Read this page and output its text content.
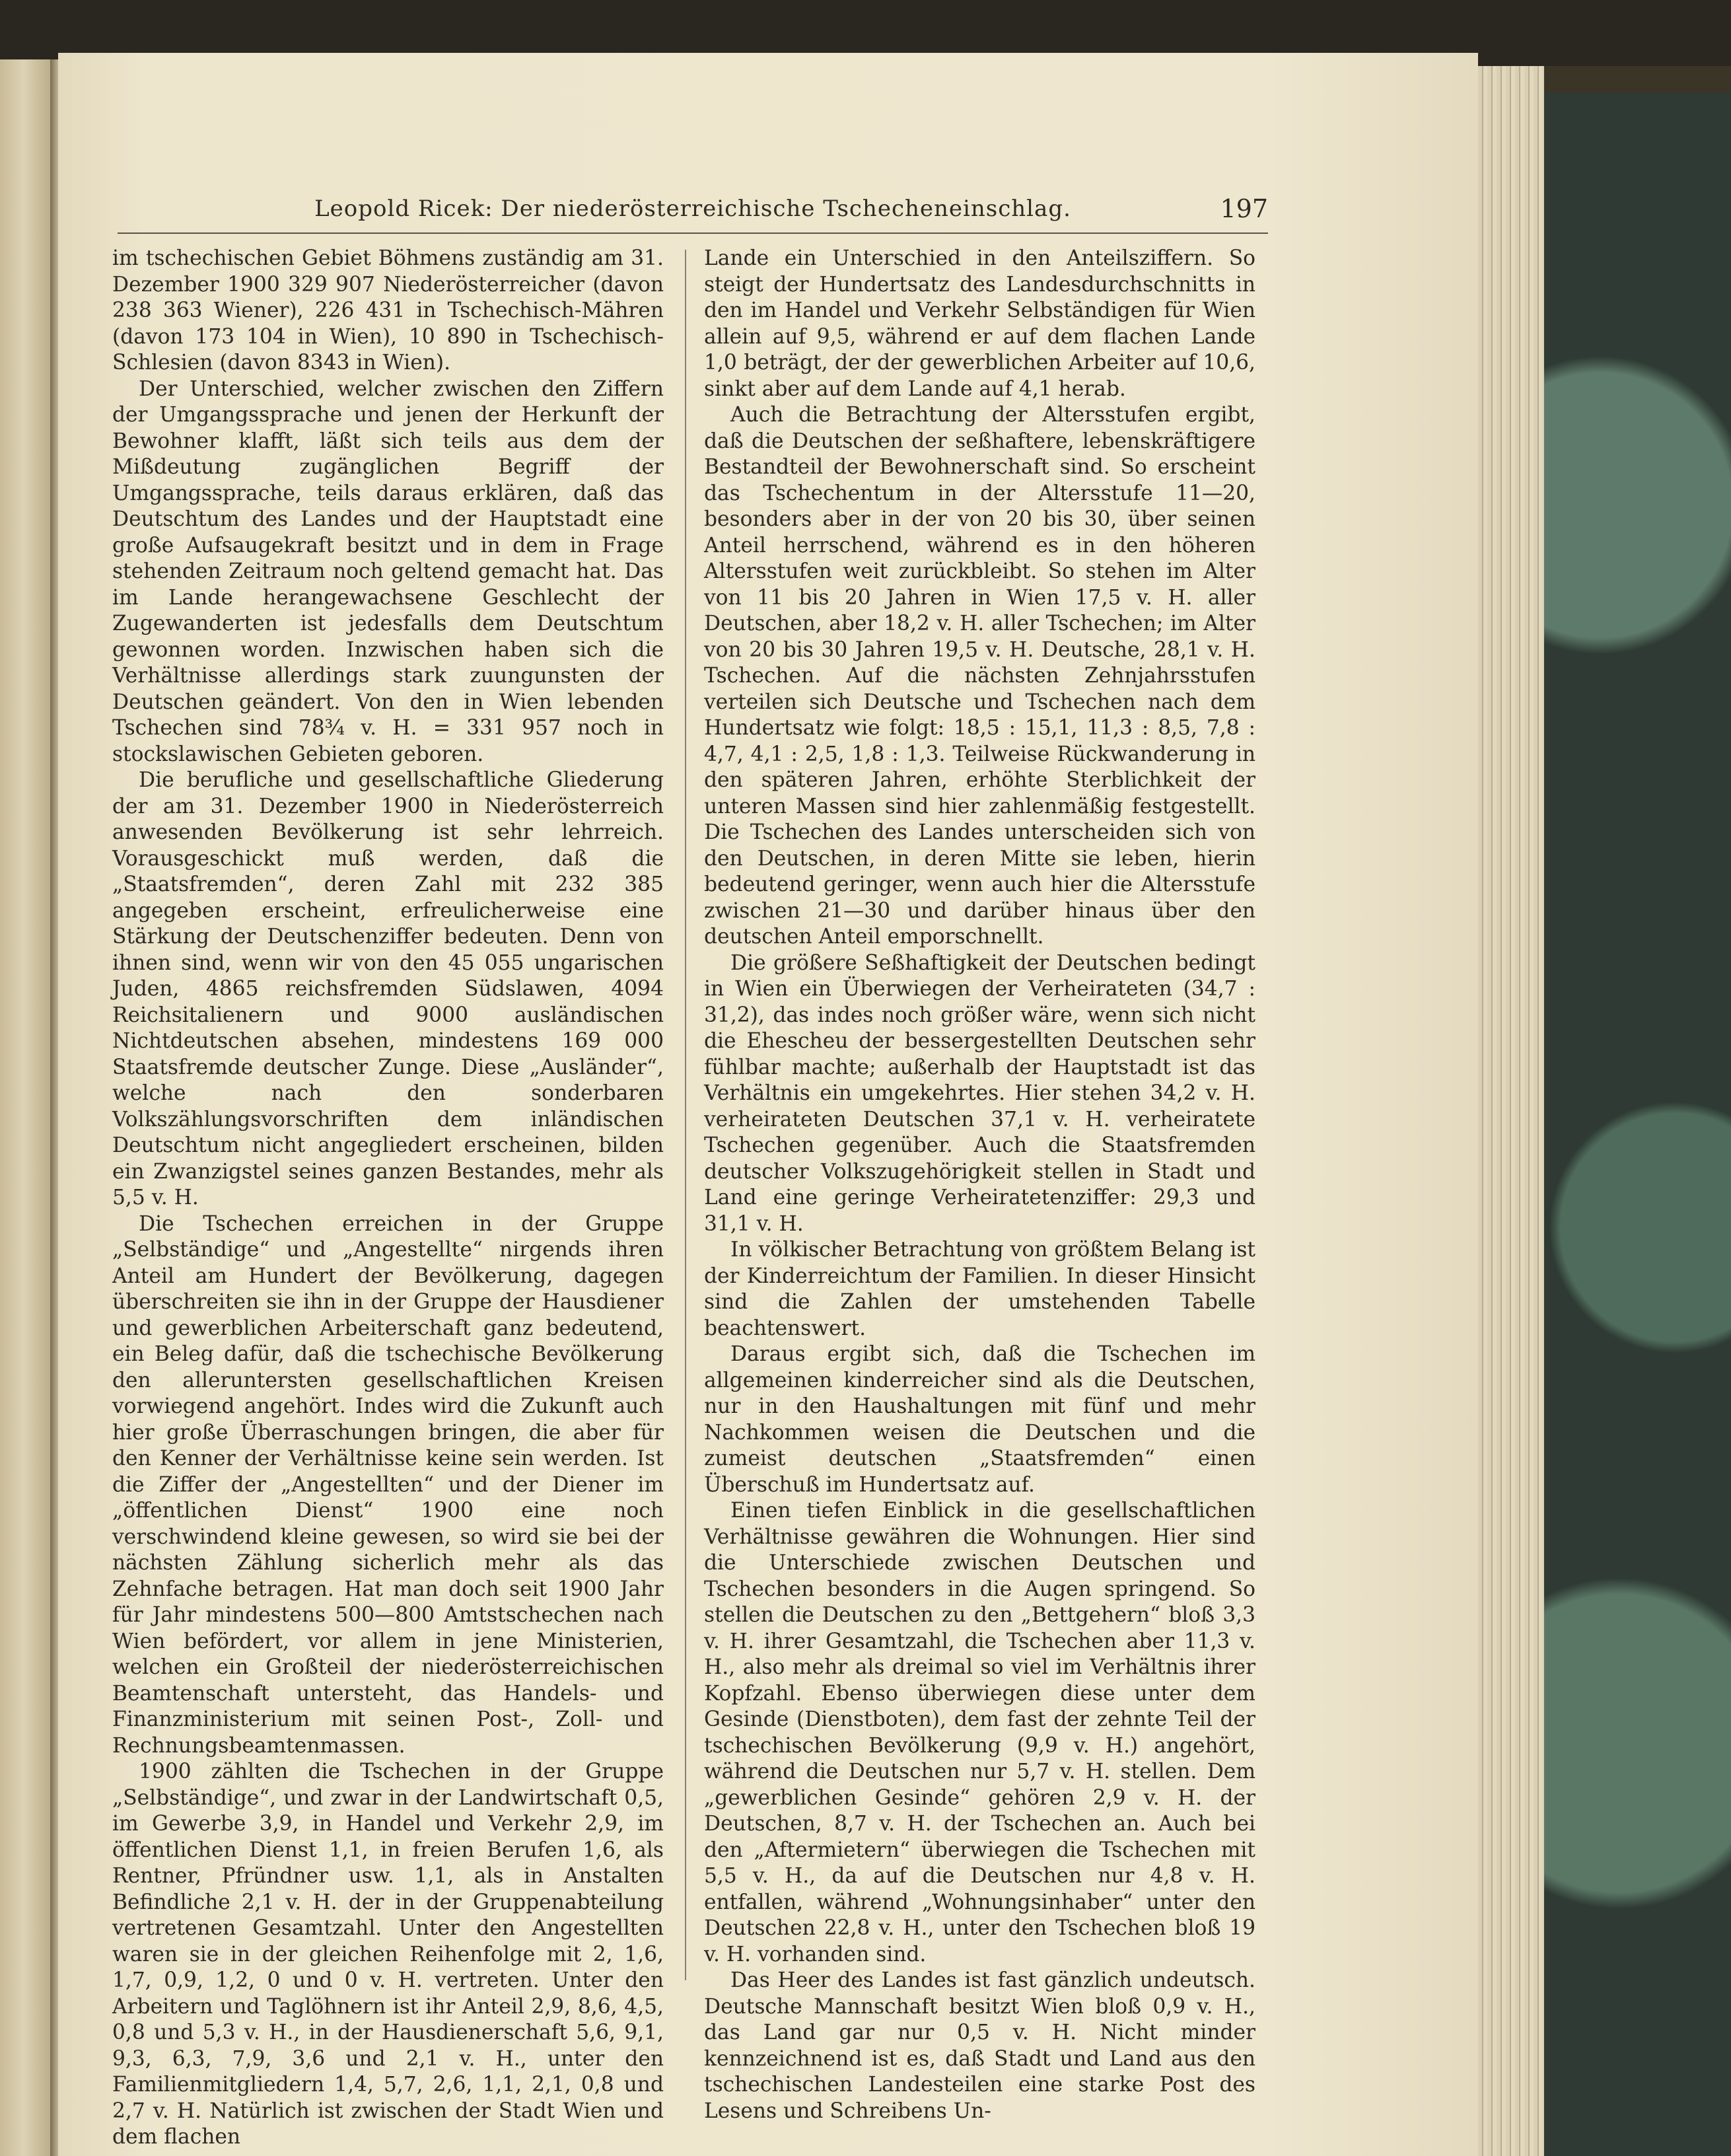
Leopold Ricek: Der niederösterreichische Tschecheneinschlag.	197

im tschechischen Gebiet Böhmens zuständig am 31. Dezember 1900 329 907 Niederösterreicher (davon 238 363 Wiener), 226 431 in Tschechisch-Mähren (davon 173 104 in Wien), 10 890 in Tschechisch-Schlesien (davon 8343 in Wien).

Der Unterschied, welcher zwischen den Ziffern der Umgangssprache und jenen der Herkunft der Bewohner klafft, läßt sich teils aus dem der Mißdeutung zugänglichen Begriff der Umgangssprache, teils daraus erklären, daß das Deutschtum des Landes und der Hauptstadt eine große Aufsaugekraft besitzt und in dem in Frage stehenden Zeitraum noch geltend gemacht hat. Das im Lande herangewachsene Geschlecht der Zugewanderten ist jedesfalls dem Deutschtum gewonnen worden. Inzwischen haben sich die Verhältnisse allerdings stark zuungunsten der Deutschen geändert. Von den in Wien lebenden Tschechen sind 78¾ v. H. = 331 957 noch in stockslawischen Gebieten geboren.

Die berufliche und gesellschaftliche Gliederung der am 31. Dezember 1900 in Niederösterreich anwesenden Bevölkerung ist sehr lehrreich. Vorausgeschickt muß werden, daß die „Staatsfremden“, deren Zahl mit 232 385 angegeben erscheint, erfreulicherweise eine Stärkung der Deutschenziffer bedeuten. Denn von ihnen sind, wenn wir von den 45 055 ungarischen Juden, 4865 reichsfremden Südslawen, 4094 Reichsitalienern und 9000 ausländischen Nichtdeutschen absehen, mindestens 169 000 Staatsfremde deutscher Zunge. Diese „Ausländer“, welche nach den sonderbaren Volkszählungsvorschriften dem inländischen Deutschtum nicht angegliedert erscheinen, bilden ein Zwanzigstel seines ganzen Bestandes, mehr als 5,5 v. H.

Die Tschechen erreichen in der Gruppe „Selbständige“ und „Angestellte“ nirgends ihren Anteil am Hundert der Bevölkerung, dagegen überschreiten sie ihn in der Gruppe der Hausdiener und gewerblichen Arbeiterschaft ganz bedeutend, ein Beleg dafür, daß die tschechische Bevölkerung den alleruntersten gesellschaftlichen Kreisen vorwiegend angehört. Indes wird die Zukunft auch hier große Überraschungen bringen, die aber für den Kenner der Verhältnisse keine sein werden. Ist die Ziffer der „Angestellten“ und der Diener im „öffentlichen Dienst“ 1900 eine noch verschwindend kleine gewesen, so wird sie bei der nächsten Zählung sicherlich mehr als das Zehnfache betragen. Hat man doch seit 1900 Jahr für Jahr mindestens 500—800 Amtstschechen nach Wien befördert, vor allem in jene Ministerien, welchen ein Großteil der niederösterreichischen Beamtenschaft untersteht, das Handels- und Finanzministerium mit seinen Post-, Zoll- und Rechnungsbeamtenmassen.

1900 zählten die Tschechen in der Gruppe „Selbständige“, und zwar in der Landwirtschaft 0,5, im Gewerbe 3,9, in Handel und Verkehr 2,9, im öffentlichen Dienst 1,1, in freien Berufen 1,6, als Rentner, Pfründner usw. 1,1, als in Anstalten Befindliche 2,1 v. H. der in der Gruppenabteilung vertretenen Gesamtzahl. Unter den Angestellten waren sie in der gleichen Reihenfolge mit 2, 1,6, 1,7, 0,9, 1,2, 0 und 0 v. H. vertreten. Unter den Arbeitern und Taglöhnern ist ihr Anteil 2,9, 8,6, 4,5, 0,8 und 5,3 v. H., in der Hausdienerschaft 5,6, 9,1, 9,3, 6,3, 7,9, 3,6 und 2,1 v. H., unter den Familienmitgliedern 1,4, 5,7, 2,6, 1,1, 2,1, 0,8 und 2,7 v. H. Natürlich ist zwischen der Stadt Wien und dem flachen

Lande ein Unterschied in den Anteilsziffern. So steigt der Hundertsatz des Landesdurchschnitts in den im Handel und Verkehr Selbständigen für Wien allein auf 9,5, während er auf dem flachen Lande 1,0 beträgt, der der gewerblichen Arbeiter auf 10,6, sinkt aber auf dem Lande auf 4,1 herab.

Auch die Betrachtung der Altersstufen ergibt, daß die Deutschen der seßhaftere, lebenskräftigere Bestandteil der Bewohnerschaft sind. So erscheint das Tschechentum in der Altersstufe 11—20, besonders aber in der von 20 bis 30, über seinen Anteil herrschend, während es in den höheren Altersstufen weit zurückbleibt. So stehen im Alter von 11 bis 20 Jahren in Wien 17,5 v. H. aller Deutschen, aber 18,2 v. H. aller Tschechen; im Alter von 20 bis 30 Jahren 19,5 v. H. Deutsche, 28,1 v. H. Tschechen. Auf die nächsten Zehnjahrsstufen verteilen sich Deutsche und Tschechen nach dem Hundertsatz wie folgt: 18,5 : 15,1, 11,3 : 8,5, 7,8 : 4,7, 4,1 : 2,5, 1,8 : 1,3. Teilweise Rückwanderung in den späteren Jahren, erhöhte Sterblichkeit der unteren Massen sind hier zahlenmäßig festgestellt. Die Tschechen des Landes unterscheiden sich von den Deutschen, in deren Mitte sie leben, hierin bedeutend geringer, wenn auch hier die Altersstufe zwischen 21—30 und darüber hinaus über den deutschen Anteil emporschnellt.

Die größere Seßhaftigkeit der Deutschen bedingt in Wien ein Überwiegen der Verheirateten (34,7 : 31,2), das indes noch größer wäre, wenn sich nicht die Ehescheu der bessergestellten Deutschen sehr fühlbar machte; außerhalb der Hauptstadt ist das Verhältnis ein umgekehrtes. Hier stehen 34,2 v. H. verheirateten Deutschen 37,1 v. H. verheiratete Tschechen gegenüber. Auch die Staatsfremden deutscher Volkszugehörigkeit stellen in Stadt und Land eine geringe Verheiratetenziffer: 29,3 und 31,1 v. H.

In völkischer Betrachtung von größtem Belang ist der Kinderreichtum der Familien. In dieser Hinsicht sind die Zahlen der umstehenden Tabelle beachtenswert.

Daraus ergibt sich, daß die Tschechen im allgemeinen kinderreicher sind als die Deutschen, nur in den Haushaltungen mit fünf und mehr Nachkommen weisen die Deutschen und die zumeist deutschen „Staatsfremden“ einen Überschuß im Hundertsatz auf.

Einen tiefen Einblick in die gesellschaftlichen Verhältnisse gewähren die Wohnungen. Hier sind die Unterschiede zwischen Deutschen und Tschechen besonders in die Augen springend. So stellen die Deutschen zu den „Bettgehern“ bloß 3,3 v. H. ihrer Gesamtzahl, die Tschechen aber 11,3 v. H., also mehr als dreimal so viel im Verhältnis ihrer Kopfzahl. Ebenso überwiegen diese unter dem Gesinde (Dienstboten), dem fast der zehnte Teil der tschechischen Bevölkerung (9,9 v. H.) angehört, während die Deutschen nur 5,7 v. H. stellen. Dem „gewerblichen Gesinde“ gehören 2,9 v. H. der Deutschen, 8,7 v. H. der Tschechen an. Auch bei den „Aftermietern“ überwiegen die Tschechen mit 5,5 v. H., da auf die Deutschen nur 4,8 v. H. entfallen, während „Wohnungsinhaber“ unter den Deutschen 22,8 v. H., unter den Tschechen bloß 19 v. H. vorhanden sind.

Das Heer des Landes ist fast gänzlich undeutsch. Deutsche Mannschaft besitzt Wien bloß 0,9 v. H., das Land gar nur 0,5 v. H. Nicht minder kennzeichnend ist es, daß Stadt und Land aus den tschechischen Landesteilen eine starke Post des Lesens und Schreibens Un-
